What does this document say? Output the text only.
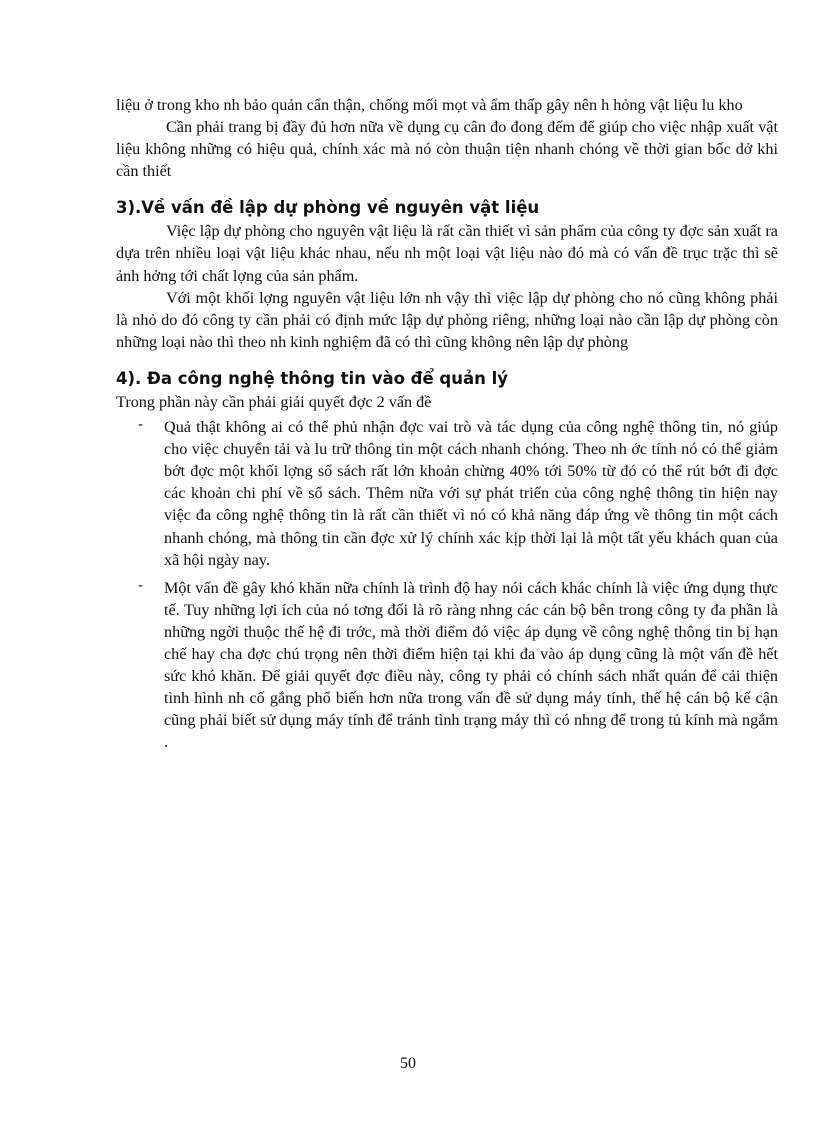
liệu ở trong kho nh bảo quản cẩn thận, chống mối mọt và ẩm thấp gây nên h hỏng vật liệu lu kho

Cần phải trang bị đầy đủ hơn nữa về dụng cụ cân đo đong đếm để giúp cho việc nhập xuất vật liệu không những có hiệu quả, chính xác mà nó còn thuận tiện nhanh chóng về thời gian bốc dở khi cần thiết

3).Về vấn đề lập dự phòng về nguyên vật liệu

Việc lập dự phòng cho nguyên vật liệu là rất cần thiết vì sản phẩm của công ty đợc sản xuất ra dựa trên nhiều loại vật liệu khác nhau, nếu nh một loại vật liệu nào đó mà có vấn đề trục trặc thì sẽ ảnh hởng tới chất lợng của sản phẩm.

Với một khối lợng nguyên vật liệu lớn nh vậy thì việc lập dự phòng cho nó cũng không phải là nhỏ do đó công ty cần phải có định mức lập dự phòng riêng, những loại nào cần lập dự phòng còn những loại nào thì theo nh kinh nghiệm đã có thì cũng không nên lập dự phòng

4). Đa công nghệ thông tin vào để quản lý

Trong phần này cần phải giải quyết đợc 2 vấn đề

- Quả thật không ai có thể phủ nhận đợc vai trò và tác dụng của công nghệ thông tin, nó giúp cho việc chuyển tải và lu trữ thông tin một cách nhanh chóng. Theo nh ớc tính nó có thể giảm bớt đợc một khối lợng sổ sách rất lớn khoản chừng 40% tới 50% từ đó có thể rút bớt đi đợc các khoản chi phí về sổ sách. Thêm nữa với sự phát triển của công nghệ thông tin hiện nay việc đa công nghệ thông tin là rất cần thiết vì nó có khả năng đáp ứng về thông tin một cách nhanh chóng, mà thông tin cần đợc xử lý chính xác kịp thời lại là một tất yếu khách quan của xã hội ngày nay.
- Một vấn đề gây khó khăn nữa chính là trình độ hay nói cách khác chính là việc ứng dụng thực tế. Tuy những lợi ích của nó tơng đối là rõ ràng nhng các cán bộ bên trong công ty đa phần là những ngời thuộc thế hệ đi trớc, mà thời điểm đó việc áp dụng về công nghệ thông tin bị hạn chế hay cha đợc chú trọng nên thời điểm hiện tại khi đa vào áp dụng cũng là một vấn đề hết sức khó khăn. Để giải quyết đợc điều này, công ty phải có chính sách nhất quán để cải thiện tình hình nh cố gắng phổ biến hơn nữa trong vấn đề sử dụng máy tính, thế hệ cán bộ kế cận cũng phải biết sử dụng máy tính để tránh tình trạng máy thì có nhng để trong tủ kính mà ngắm .
50
